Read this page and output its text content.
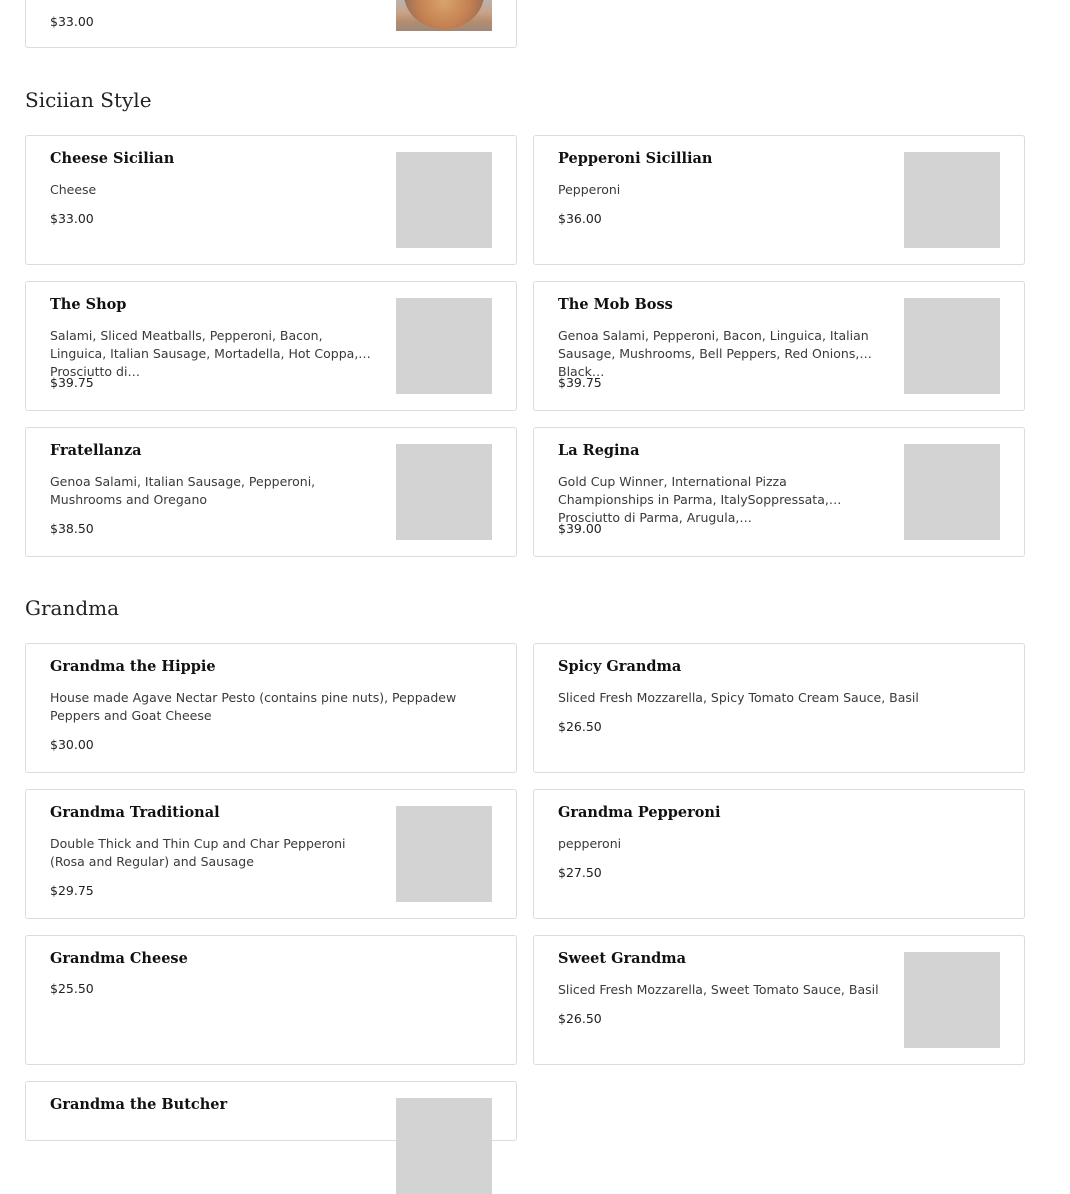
$33.00
Siciian Style
Cheese Sicilian
Cheese
$33.00
Pepperoni Sicillian
Pepperoni
$36.00
The Shop
Salami, Sliced Meatballs, Pepperoni, Bacon, Linguica, Italian Sausage, Mortadella, Hot Coppa, Prosciutto di…
$39.75
The Mob Boss
Genoa Salami, Pepperoni, Bacon, Linguica, Italian Sausage, Mushrooms, Bell Peppers, Red Onions, Black…
$39.75
Fratellanza
Genoa Salami, Italian Sausage, Pepperoni, Mushrooms and Oregano
$38.50
La Regina
Gold Cup Winner, International Pizza Championships in Parma, ItalySoppressata, Prosciutto di Parma, Arugula,…
$39.00
Grandma
Grandma the Hippie
House made Agave Nectar Pesto (contains pine nuts), Peppadew Peppers and Goat Cheese
$30.00
Spicy Grandma
Sliced Fresh Mozzarella, Spicy Tomato Cream Sauce, Basil
$26.50
Grandma Traditional
Double Thick and Thin Cup and Char Pepperoni (Rosa and Regular) and Sausage
$29.75
Grandma Pepperoni
pepperoni
$27.50
Grandma Cheese
$25.50
Sweet Grandma
Sliced Fresh Mozzarella, Sweet Tomato Sauce, Basil
$26.50
Grandma the Butcher
